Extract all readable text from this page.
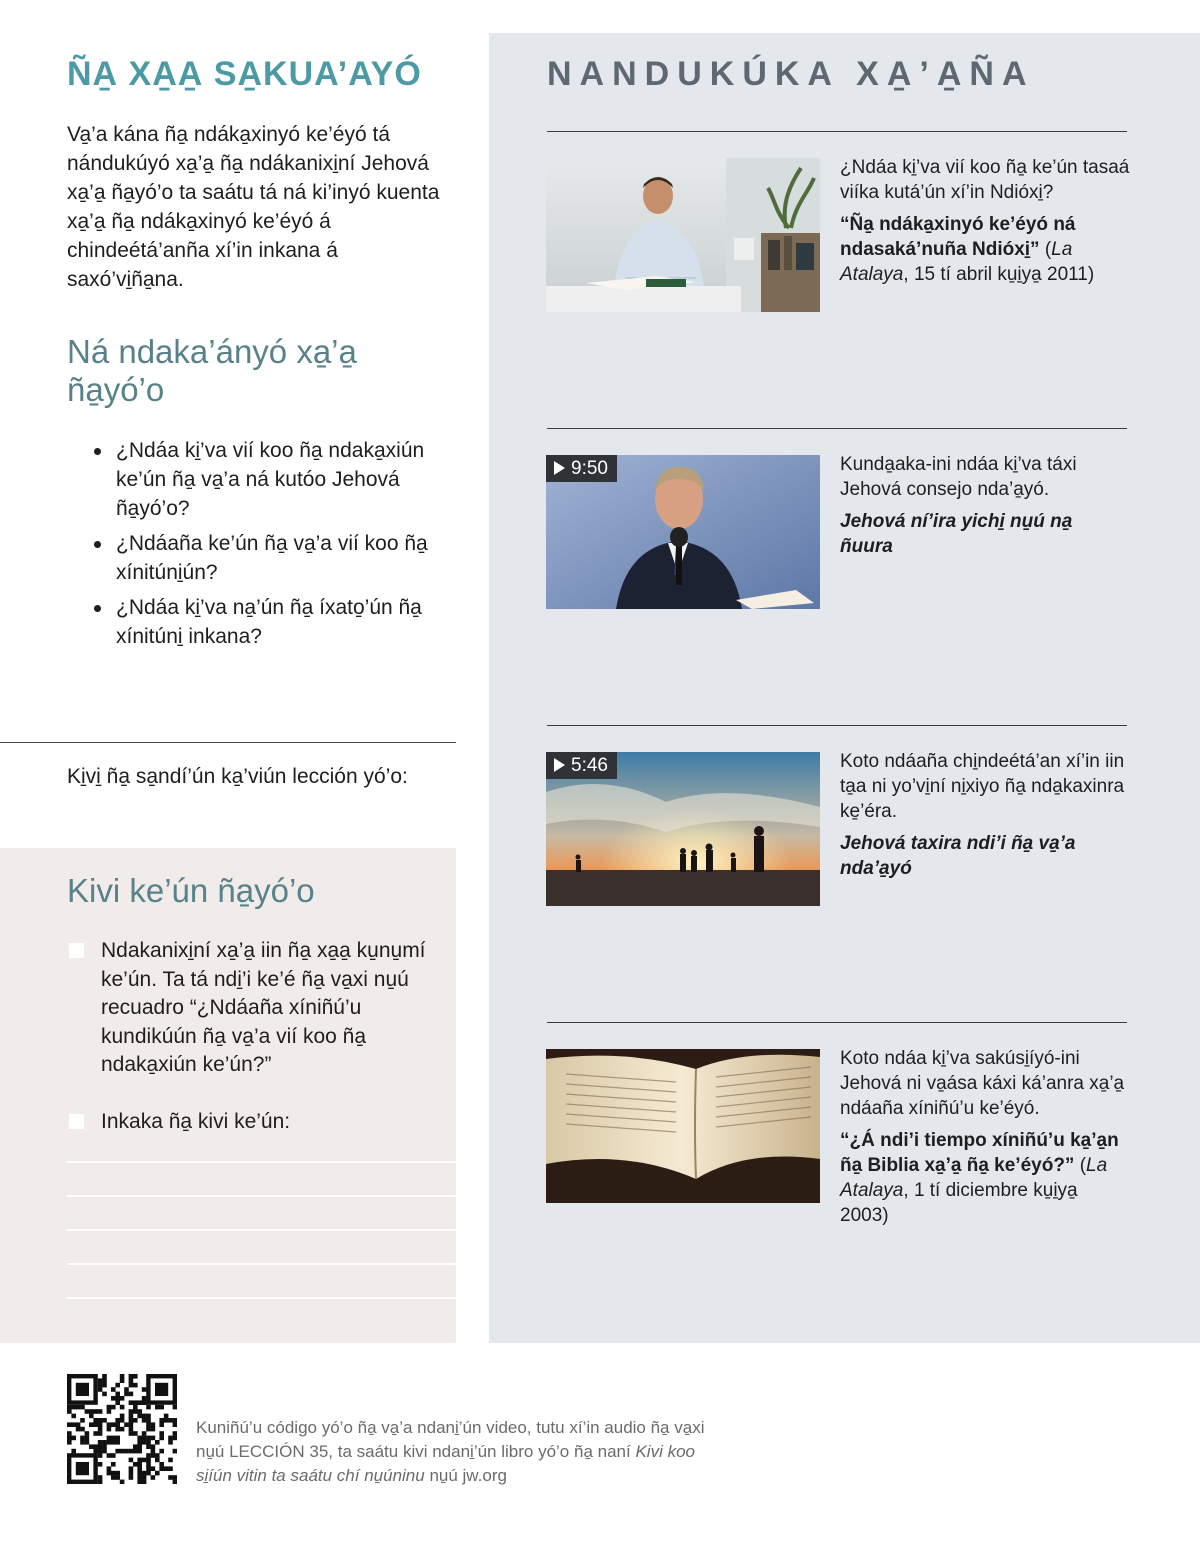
ÑA̱ XA̱A̱ SA̱KUA’AYÓ

Va̱’a kána ña̱ ndáka̱xinyó ke’éyó tá nándukúyó xa̱’a̱ ña̱ ndákanixi̱ní Jehová xa̱’a̱ ña̱yó’o ta saátu tá ná ki’inyó kuenta xa̱’a̱ ña̱ ndáka̱xinyó ke’éyó á chindeétá’anña xí’in inkana á saxó’vi̱ña̱na.

Ná ndaka’ányó xa̱’a̱ ña̱yó’o
¿Ndáa ki̱’va vií koo ña̱ ndaka̱xiún ke’ún ña̱ va̱’a ná kutóo Jehová ña̱yó’o?
¿Ndáaña ke’ún ña̱ va̱’a vií koo ña̱ xínitúni̱ún?
¿Ndáa ki̱’va na̱’ún ña̱ íxato̱’ún ña̱ xínitúni̱ inkana?

Ki̱vi̱ ña̱ sa̱ndí’ún ka̱’viún lección yó’o:

Kivi ke’ún ña̱yó’o
Ndakanixi̱ní xa̱’a̱ iin ña̱ xa̱a̱ ku̱nu̱mí ke’ún. Ta tá ndi̱’i ke’é ña̱ va̱xi nu̱ú recuadro “¿Ndáaña xíniñú’u kundikúún ña̱ va̱’a vií koo ña̱ ndaka̱xiún ke’ún?”
Inkaka ña̱ kivi ke’ún:
NANDUKÚKA XA̱’A̱ÑA

¿Ndáa ki̱’va vií koo ña̱ ke’ún tasaá viíka kutá’ún xí’in Ndióxi̱?

“Ña̱ ndáka̱xinyó ke’éyó ná ndasaká’nuña Ndióxi̱” (La Atalaya, 15 tí abril ku̱i̱ya̱ 2011)

9:50	Kunda̱aka-ini ndáa ki̱’va táxi Jehová consejo nda’a̱yó.

Jehová ní’ira yichi̱ nu̱ú na̱ ñuura

5:46	Koto ndáaña chi̱ndeétá’an xí’in iin ta̱a ni yo’vi̱ní ni̱xiyo ña̱ nda̱kaxinra ke̱’éra.

Jehová taxira ndi’i ña̱ va̱’a nda’a̱yó

Koto ndáa ki̱’va sakúsi̱íyó-ini Jehová ni va̱ása káxi ká’anra xa̱’a̱ ndáaña xíniñú’u ke’éyó.

“¿Á ndi’i tiempo xíniñú’u ka̱’a̱n ña̱ Biblia xa̱’a̱ ña̱ ke’éyó?” (La Atalaya, 1 tí diciembre ku̱i̱ya̱ 2003)

Kuniñú’u código yó’o ña̱ va̱’a ndani̱’ún video, tutu xí’in audio ña̱ va̱xi nu̱ú LECCIÓN 35, ta saátu kivi ndani̱’ún libro yó’o ña̱ naní Kivi koo si̱íún vitin ta saátu chí nu̱úninu nu̱ú jw.org
